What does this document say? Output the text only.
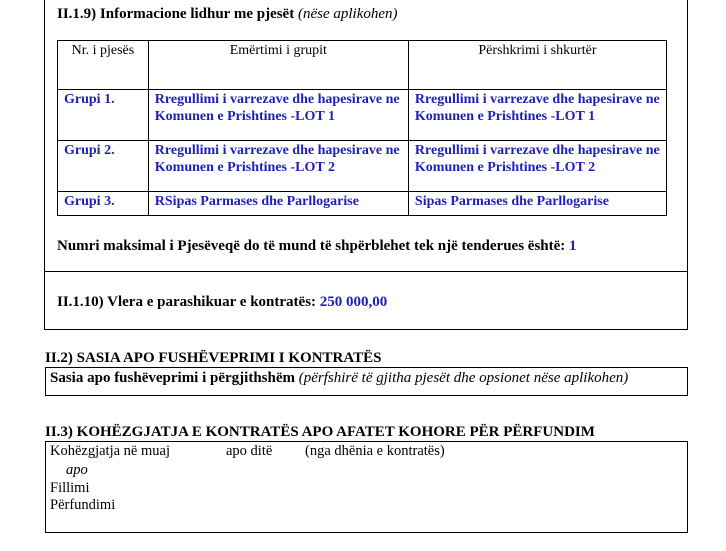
II.1.9) Informacione lidhur me pjesët (nëse aplikohen)
Nr. i pjesës	Emërtimi i grupit	Përshkrimi i shkurtër
Grupi 1.	Rregullimi i varrezave dhe hapesirave ne Komunen e Prishtines -LOT 1	Rregullimi i varrezave dhe hapesirave ne Komunen e Prishtines -LOT 1
Grupi 2.	Rregullimi i varrezave dhe hapesirave ne Komunen e Prishtines -LOT 2	Rregullimi i varrezave dhe hapesirave ne Komunen e Prishtines -LOT 2
Grupi 3.	RSipas Parmases dhe Parllogarise	Sipas Parmases dhe Parllogarise
Numri maksimal i Pjesëveqë do të mund të shpërblehet tek një tenderues është: 1
II.1.10) Vlera e parashikuar e kontratës: 250 000,00
II.2) SASIA APO FUSHËVEPRIMI I KONTRATËS
Sasia apo fushëveprimi i përgjithshëm (përfshirë të gjitha pjesët dhe opsionet nëse aplikohen)
II.3) KOHËZGJATJA E KONTRATËS APO AFATET KOHORE PËR PËRFUNDIM
Kohëzgjatja në muaj	apo ditë (nga dhënia e kontratës)
apo
Fillimi
Përfundimi
